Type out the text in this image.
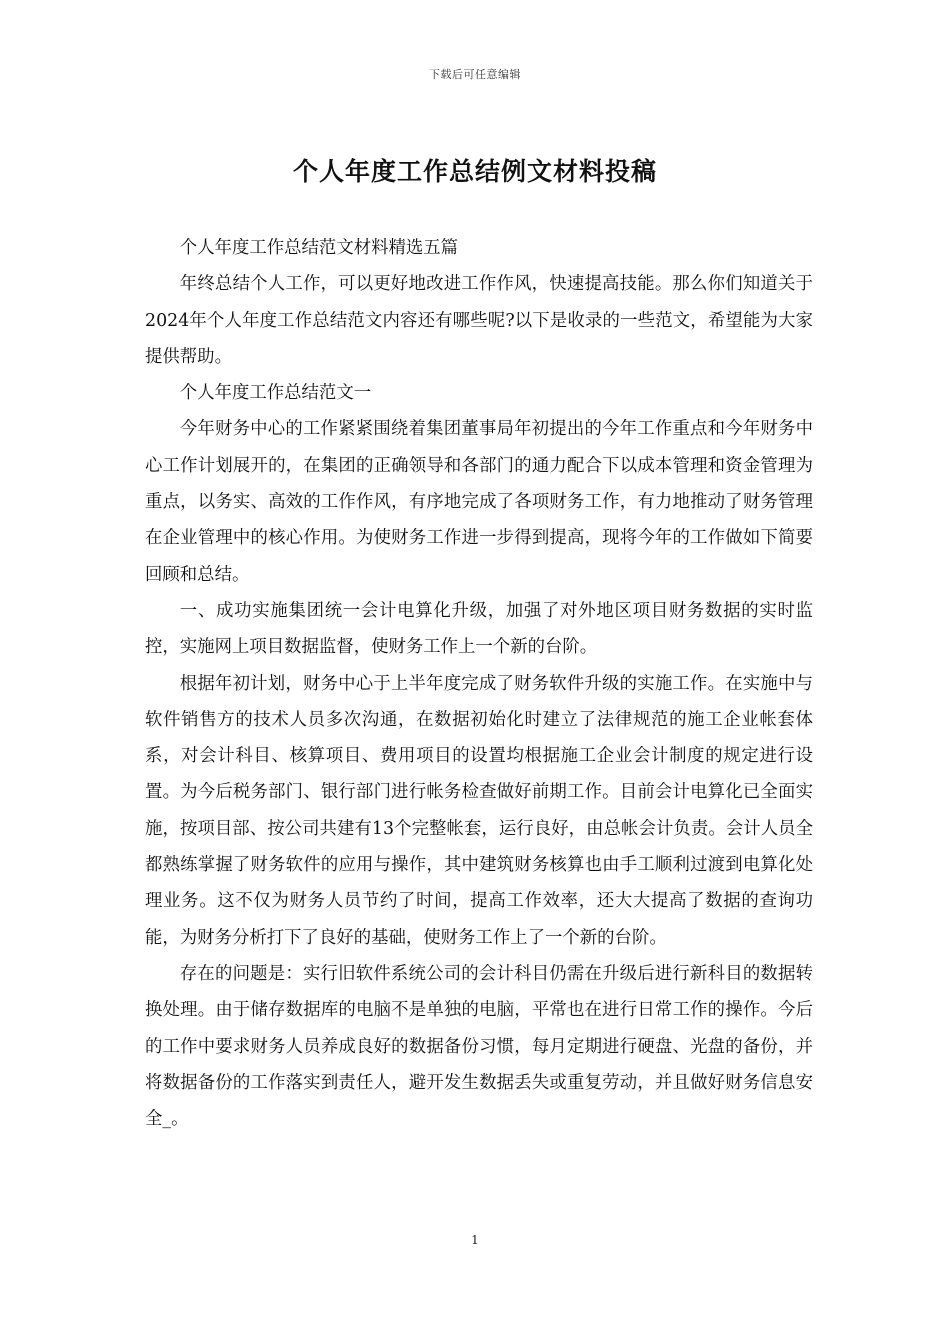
下载后可任意编辑
个人年度工作总结例文材料投稿

个人年度工作总结范文材料精选五篇

年终总结个人工作，可以更好地改进工作作风，快速提高技能。那么你们知道关于2024年个人年度工作总结范文内容还有哪些呢?以下是收录的一些范文，希望能为大家提供帮助。

个人年度工作总结范文一

今年财务中心的工作紧紧围绕着集团董事局年初提出的今年工作重点和今年财务中心工作计划展开的，在集团的正确领导和各部门的通力配合下以成本管理和资金管理为重点，以务实、高效的工作作风，有序地完成了各项财务工作，有力地推动了财务管理在企业管理中的核心作用。为使财务工作进一步得到提高，现将今年的工作做如下简要回顾和总结。

一、成功实施集团统一会计电算化升级，加强了对外地区项目财务数据的实时监控，实施网上项目数据监督，使财务工作上一个新的台阶。

根据年初计划，财务中心于上半年度完成了财务软件升级的实施工作。在实施中与软件销售方的技术人员多次沟通，在数据初始化时建立了法律规范的施工企业帐套体系，对会计科目、核算项目、费用项目的设置均根据施工企业会计制度的规定进行设置。为今后税务部门、银行部门进行帐务检查做好前期工作。目前会计电算化已全面实施，按项目部、按公司共建有13个完整帐套，运行良好，由总帐会计负责。会计人员全都熟练掌握了财务软件的应用与操作，其中建筑财务核算也由手工顺利过渡到电算化处理业务。这不仅为财务人员节约了时间，提高工作效率，还大大提高了数据的查询功能，为财务分析打下了良好的基础，使财务工作上了一个新的台阶。

存在的问题是：实行旧软件系统公司的会计科目仍需在升级后进行新科目的数据转换处理。由于储存数据库的电脑不是单独的电脑，平常也在进行日常工作的操作。今后的工作中要求财务人员养成良好的数据备份习惯，每月定期进行硬盘、光盘的备份，并将数据备份的工作落实到责任人，避开发生数据丢失或重复劳动，并且做好财务信息安全_。

1
